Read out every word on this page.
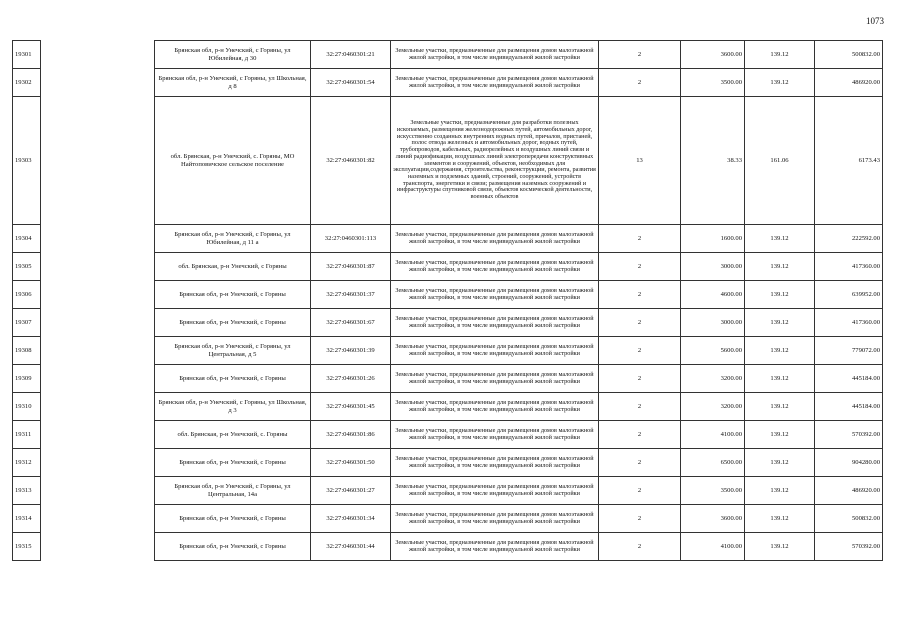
1073
19301		Брянская обл, р-н Унечский, с Горяны, ул Юбилейная, д 30	32:27:0460301:21	Земельные участки, предназначенные для размещения домов малоэтажной жилой застройки, в том числе индивидуальной жилой застройки	2	3600.00	139.12	500832.00
19302		Брянская обл, р-н Унечский, с Горяны, ул Школьная, д 8	32:27:0460301:54	Земельные участки, предназначенные для размещения домов малоэтажной жилой застройки, в том числе индивидуальной жилой застройки	2	3500.00	139.12	486920.00
19303		обл. Брянская, р-н Унечский, с. Горяны, МО Найтоповичское сельское поселение	32:27:0460301:82	Земельные участки, предназначенные для разработки полезных ископаемых, размещения железнодорожных путей, автомобильных дорог, искусственно созданных внутренних водных путей, причалов, пристаней, полос отвода железных и автомобильных дорог, водных путей, трубопроводов, кабельных, радиорелейных и воздушных линий связи и линий радиофикации, воздушных линий электропередачи конструктивных элементов и сооружений, объектов, необходимых для эксплуатации,содержания, строительства, реконструкции, ремонта, развития наземных и подземных зданий, строений, сооружений, устройств транспорта, энергетики и связи; размещения наземных сооружений и инфраструктуры спутниковой связи, объектов космической деятельности, военных объектов	13	38.33	161.06	6173.43
19304		Брянская обл, р-н Унечский, с Горяны, ул Юбилейная, д 11 а	32:27:0460301:113	Земельные участки, предназначенные для размещения домов малоэтажной жилой застройки, в том числе индивидуальной жилой застройки	2	1600.00	139.12	222592.00
19305		обл. Брянская, р-н Унечский, с Горяны	32:27:0460301:87	Земельные участки, предназначенные для размещения домов малоэтажной жилой застройки, в том числе индивидуальной жилой застройки	2	3000.00	139.12	417360.00
19306		Брянская обл, р-н Унечский, с Горяны	32:27:0460301:37	Земельные участки, предназначенные для размещения домов малоэтажной жилой застройки, в том числе индивидуальной жилой застройки	2	4600.00	139.12	639952.00
19307		Брянская обл, р-н Унечский, с Горяны	32:27:0460301:67	Земельные участки, предназначенные для размещения домов малоэтажной жилой застройки, в том числе индивидуальной жилой застройки	2	3000.00	139.12	417360.00
19308		Брянская обл, р-н Унечский, с Горяны, ул Центральная, д 5	32:27:0460301:39	Земельные участки, предназначенные для размещения домов малоэтажной жилой застройки, в том числе индивидуальной жилой застройки	2	5600.00	139.12	779072.00
19309		Брянская обл, р-н Унечский, с Горяны	32:27:0460301:26	Земельные участки, предназначенные для размещения домов малоэтажной жилой застройки, в том числе индивидуальной жилой застройки	2	3200.00	139.12	445184.00
19310		Брянская обл, р-н Унечский, с Горяны, ул Школьная, д 3	32:27:0460301:45	Земельные участки, предназначенные для размещения домов малоэтажной жилой застройки, в том числе индивидуальной жилой застройки	2	3200.00	139.12	445184.00
19311		обл. Брянская, р-н Унечский, с. Горяны	32:27:0460301:86	Земельные участки, предназначенные для размещения домов малоэтажной жилой застройки, в том числе индивидуальной жилой застройки	2	4100.00	139.12	570392.00
19312		Брянская обл, р-н Унечский, с Горяны	32:27:0460301:50	Земельные участки, предназначенные для размещения домов малоэтажной жилой застройки, в том числе индивидуальной жилой застройки	2	6500.00	139.12	904280.00
19313		Брянская обл, р-н Унечский, с Горяны, ул Центральная, 14а	32:27:0460301:27	Земельные участки, предназначенные для размещения домов малоэтажной жилой застройки, в том числе индивидуальной жилой застройки	2	3500.00	139.12	486920.00
19314		Брянская обл, р-н Унечский, с Горяны	32:27:0460301:34	Земельные участки, предназначенные для размещения домов малоэтажной жилой застройки, в том числе индивидуальной жилой застройки	2	3600.00	139.12	500832.00
19315		Брянская обл, р-н Унечский, с Горяны	32:27:0460301:44	Земельные участки, предназначенные для размещения домов малоэтажной жилой застройки, в том числе индивидуальной жилой застройки	2	4100.00	139.12	570392.00
